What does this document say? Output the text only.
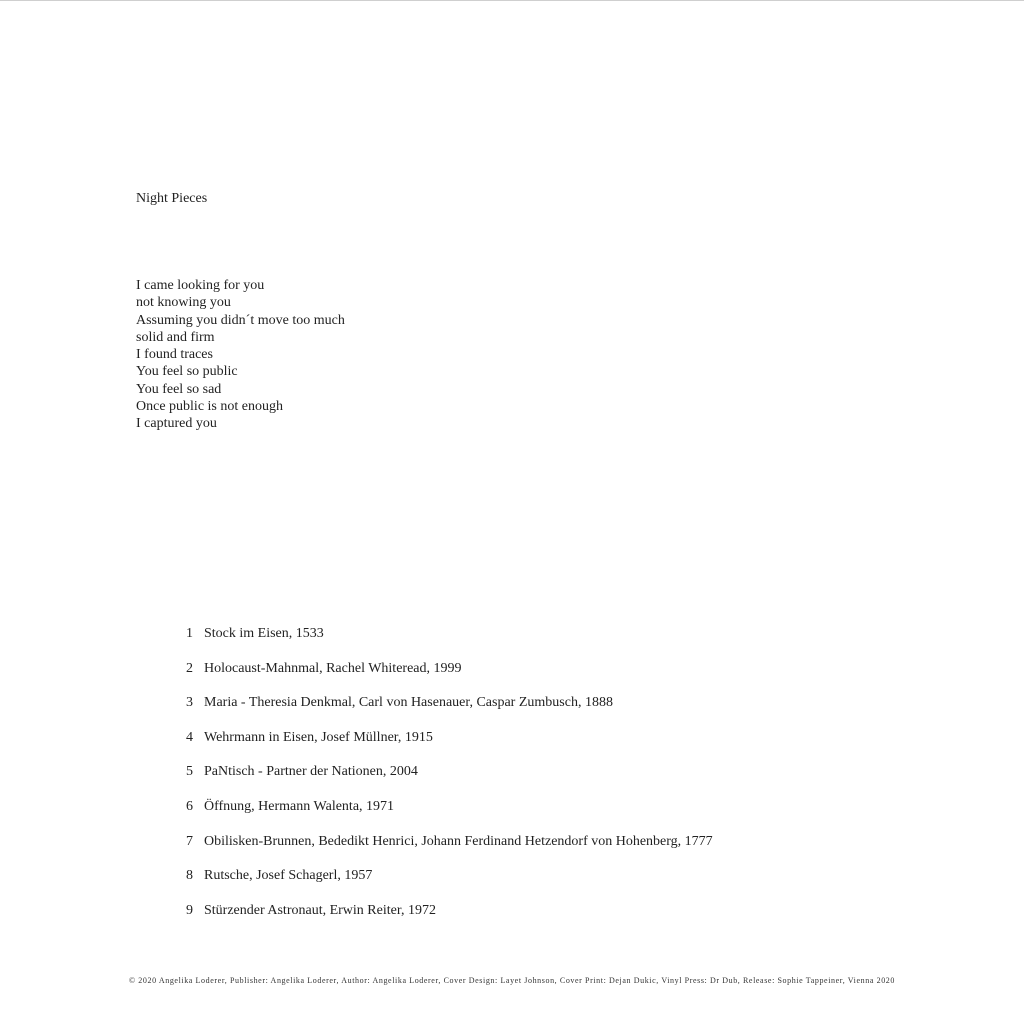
Night Pieces
I came looking for you
not knowing you
Assuming you didn´t move too much
solid and firm
I found traces
You feel so public
You feel so sad
Once public is not enough
I captured you
1 Stock im Eisen, 1533
2 Holocaust-Mahnmal, Rachel Whiteread, 1999
3 Maria - Theresia Denkmal, Carl von Hasenauer, Caspar Zumbusch, 1888
4 Wehrmann in Eisen, Josef Müllner, 1915
5 PaNtisch - Partner der Nationen, 2004
6 Öffnung, Hermann Walenta, 1971
7 Obilisken-Brunnen, Bededikt Henrici, Johann Ferdinand Hetzendorf von Hohenberg, 1777
8 Rutsche, Josef Schagerl, 1957
9 Stürzender Astronaut, Erwin Reiter, 1972
© 2020 Angelika Loderer, Publisher: Angelika Loderer, Author: Angelika Loderer, Cover Design: Layet Johnson, Cover Print: Dejan Dukic, Vinyl Press: Dr Dub, Release: Sophie Tappeiner, Vienna 2020
